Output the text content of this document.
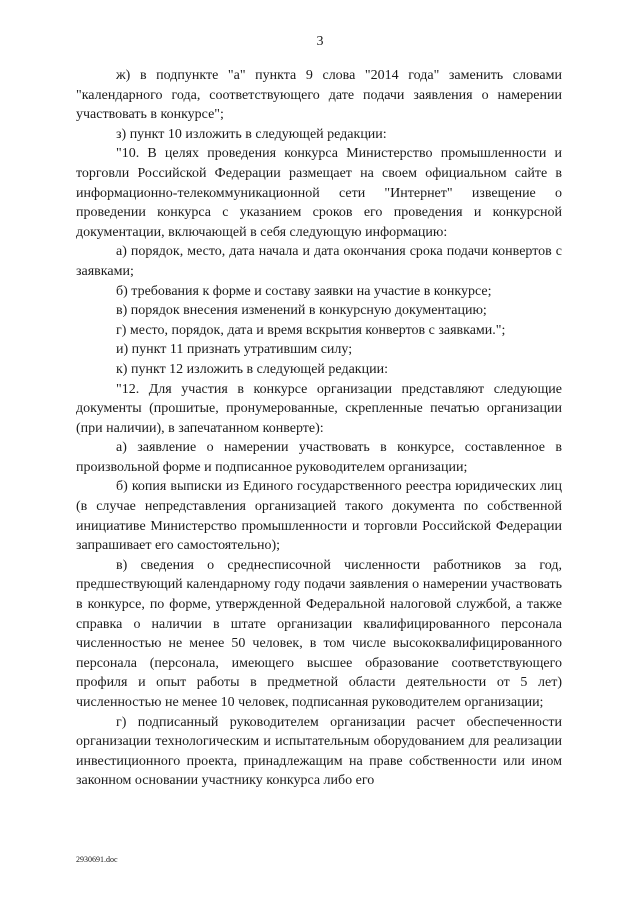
3

ж) в подпункте "а" пункта 9 слова "2014 года" заменить словами "календарного года, соответствующего дате подачи заявления о намерении участвовать в конкурсе";

з) пункт 10 изложить в следующей редакции:

"10. В целях проведения конкурса Министерство промышленности и торговли Российской Федерации размещает на своем официальном сайте в информационно-телекоммуникационной сети "Интернет" извещение о проведении конкурса с указанием сроков его проведения и конкурсной документации, включающей в себя следующую информацию:

а) порядок, место, дата начала и дата окончания срока подачи конвертов с заявками;

б) требования к форме и составу заявки на участие в конкурсе;

в) порядок внесения изменений в конкурсную документацию;

г) место, порядок, дата и время вскрытия конвертов с заявками.";

и) пункт 11 признать утратившим силу;

к) пункт 12 изложить в следующей редакции:

"12. Для участия в конкурсе организации представляют следующие документы (прошитые, пронумерованные, скрепленные печатью организации (при наличии), в запечатанном конверте):

а) заявление о намерении участвовать в конкурсе, составленное в произвольной форме и подписанное руководителем организации;

б) копия выписки из Единого государственного реестра юридических лиц (в случае непредставления организацией такого документа по собственной инициативе Министерство промышленности и торговли Российской Федерации запрашивает его самостоятельно);

в) сведения о среднесписочной численности работников за год, предшествующий календарному году подачи заявления о намерении участвовать в конкурсе, по форме, утвержденной Федеральной налоговой службой, а также справка о наличии в штате организации квалифицированного персонала численностью не менее 50 человек, в том числе высококвалифицированного персонала (персонала, имеющего высшее образование соответствующего профиля и опыт работы в предметной области деятельности от 5 лет) численностью не менее 10 человек, подписанная руководителем организации;

г) подписанный руководителем организации расчет обеспеченности организации технологическим и испытательным оборудованием для реализации инвестиционного проекта, принадлежащим на праве собственности или ином законном основании участнику конкурса либо его

2930691.doc
